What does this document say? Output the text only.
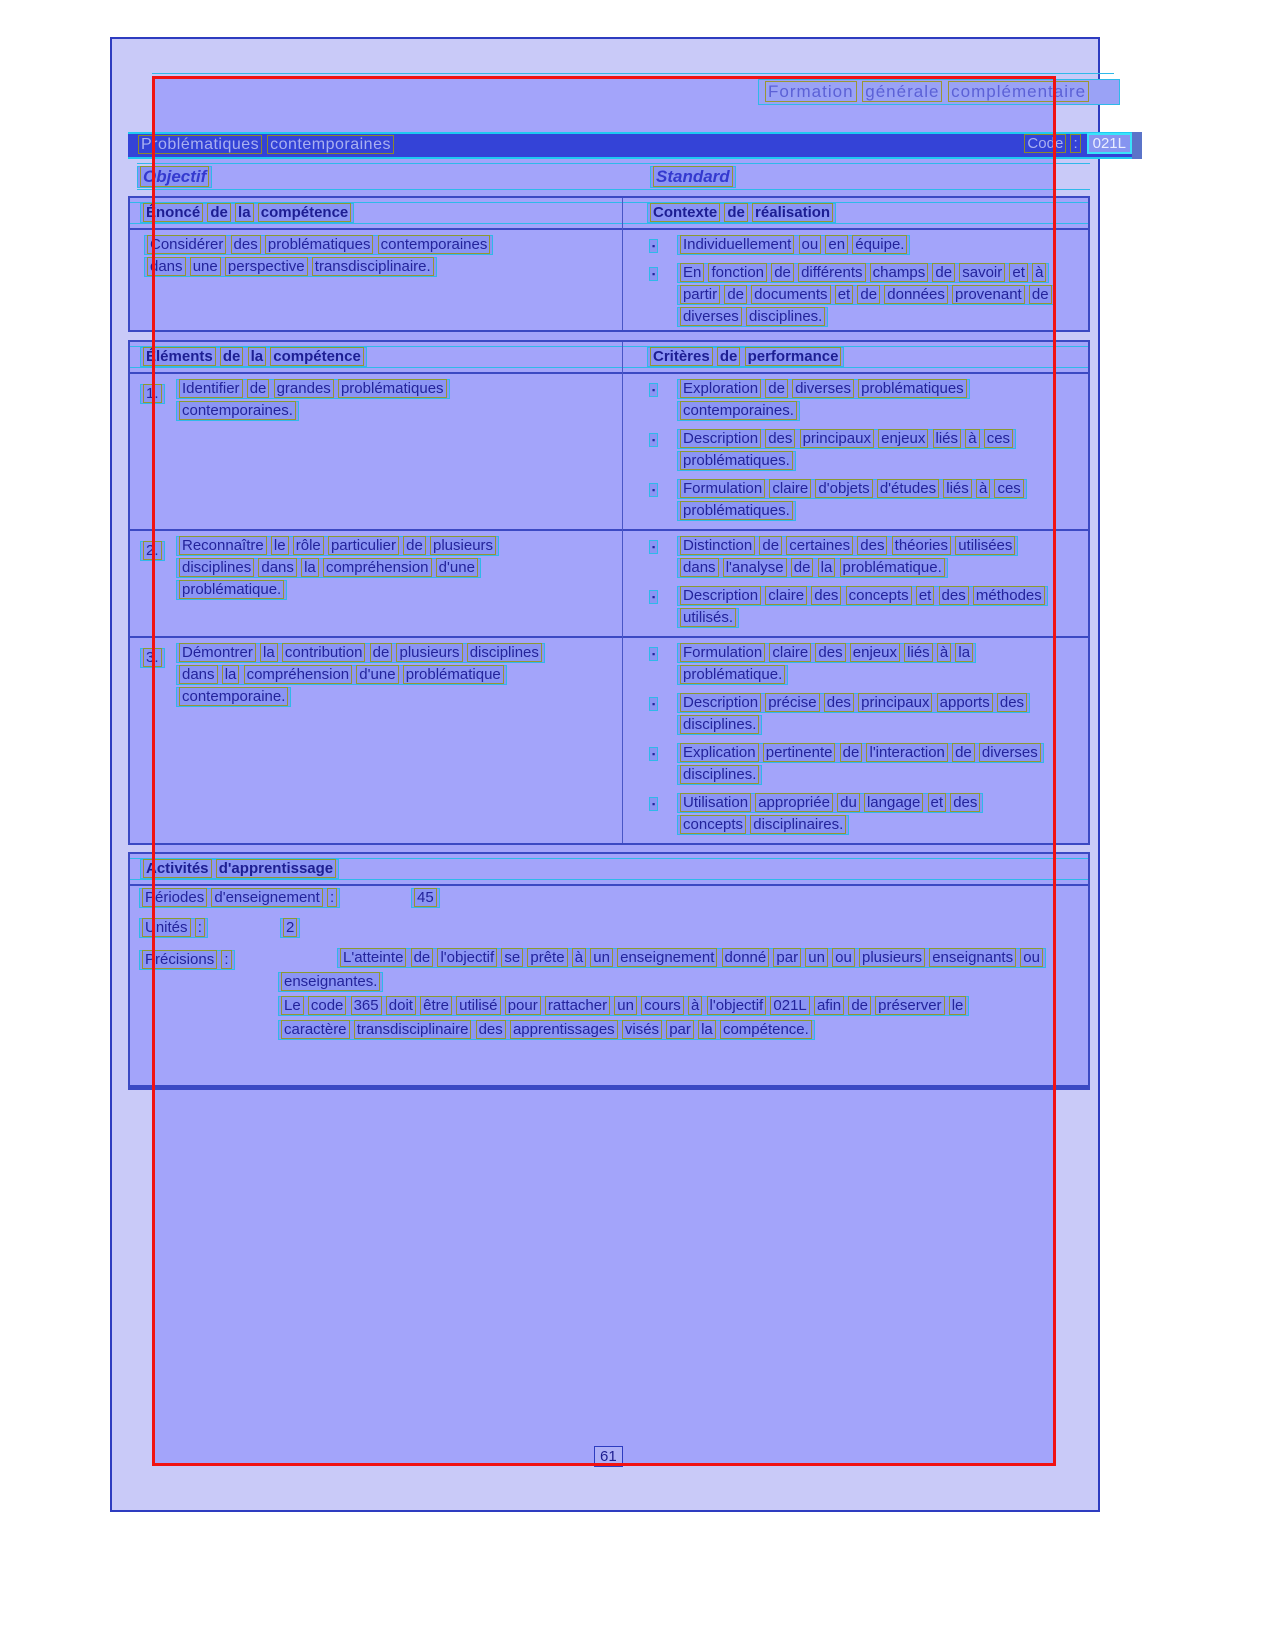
Formation générale complémentaire
Problématiques contemporaines	Code : 021L
Objectif	Standard
Énoncé de la compétence	Contexte de réalisation
Considérer des problématiques contemporaines
dans une perspective transdisciplinaire.
▪	Individuellement ou en équipe.
▪	En fonction de différents champs de savoir et à
partir de documents et de données provenant de
diverses disciplines.
Éléments de la compétence	Critères de performance
1.	Identifier de grandes problématiques
contemporaines.
▪	Exploration de diverses problématiques
contemporaines.
▪	Description des principaux enjeux liés à ces
problématiques.
▪	Formulation claire d'objets d'études liés à ces
problématiques.
2.	Reconnaître le rôle particulier de plusieurs
disciplines dans la compréhension d'une
problématique.
▪	Distinction de certaines des théories utilisées
dans l'analyse de la problématique.
▪	Description claire des concepts et des méthodes
utilisés.
3.	Démontrer la contribution de plusieurs disciplines
dans la compréhension d'une problématique
contemporaine.
▪	Formulation claire des enjeux liés à la
problématique.
▪	Description précise des principaux apports des
disciplines.
▪	Explication pertinente de l'interaction de diverses
disciplines.
▪	Utilisation appropriée du langage et des
concepts disciplinaires.
Activités d'apprentissage
Périodes d'enseignement :	45
Unités :	2
Précisions :	L'atteinte de l'objectif se prête à un enseignement donné par un ou plusieurs enseignants ou
enseignantes.
Le code 365 doit être utilisé pour rattacher un cours à l'objectif 021L afin de préserver le
caractère transdisciplinaire des apprentissages visés par la compétence.
61
